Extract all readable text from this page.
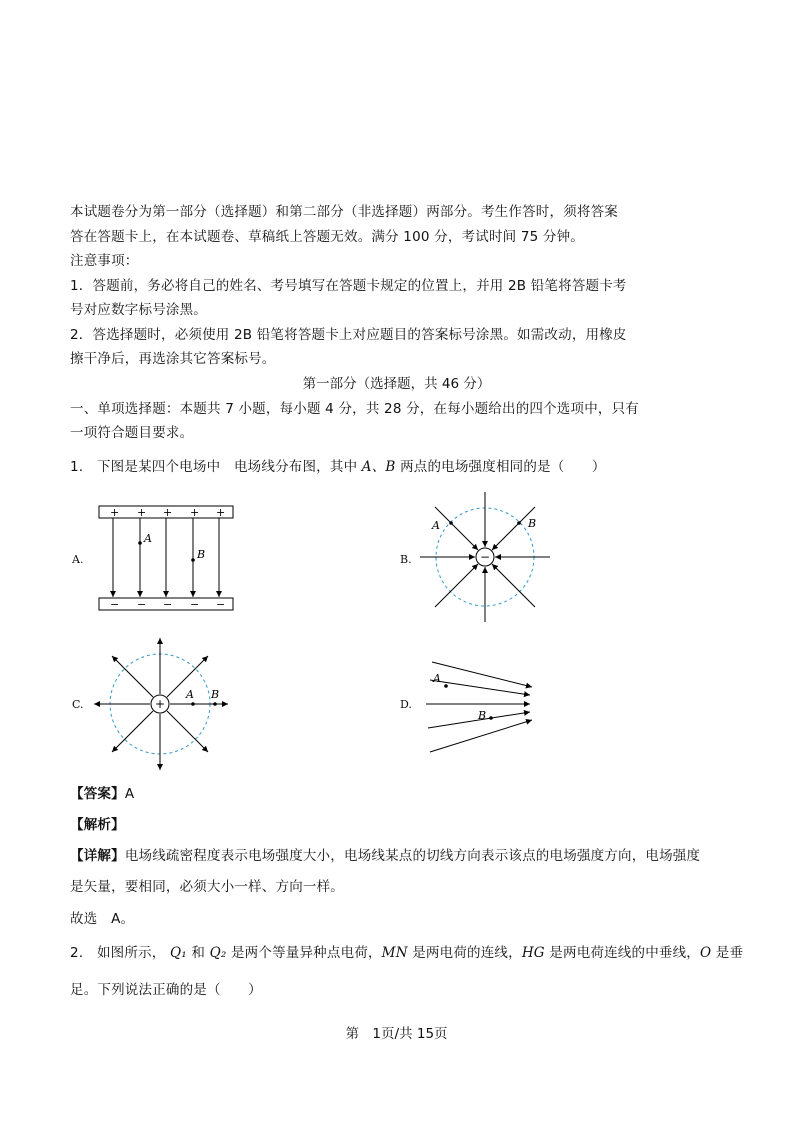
本试题卷分为第一部分（选择题）和第二部分（非选择题）两部分。考生作答时，须将答案
答在答题卡上，在本试题卷、草稿纸上答题无效。满分 100 分，考试时间 75 分钟。
注意事项：
1．答题前，务必将自己的姓名、考号填写在答题卡规定的位置上，并用 2B 铅笔将答题卡考
号对应数字标号涂黑。
2．答选择题时，必须使用 2B 铅笔将答题卡上对应题目的答案标号涂黑。如需改动，用橡皮
擦干净后，再选涂其它答案标号。
第一部分（选择题，共 46 分）
一、单项选择题：本题共 7 小题，每小题 4 分，共 28 分，在每小题给出的四个选项中，只有
一项符合题目要求。
1.　下图是某四个电场中　电场线分布图，其中 A、B 两点的电场强度相同的是（　　）
A.
+ + + + +
− − − − −
A
B	B.	−
A	B
C.	+
A B
D.
A
B
【答案】A
【解析】
【详解】电场线疏密程度表示电场强度大小，电场线某点的切线方向表示该点的电场强度方向，电场强度
是矢量，要相同，必须大小一样、方向一样。
故选　A。
2.　如图所示， Q₁ 和 Q₂ 是两个等量异种点电荷，MN 是两电荷的连线，HG 是两电荷连线的中垂线，O 是垂
足。下列说法正确的是（　　）
第　1页/共 15页
